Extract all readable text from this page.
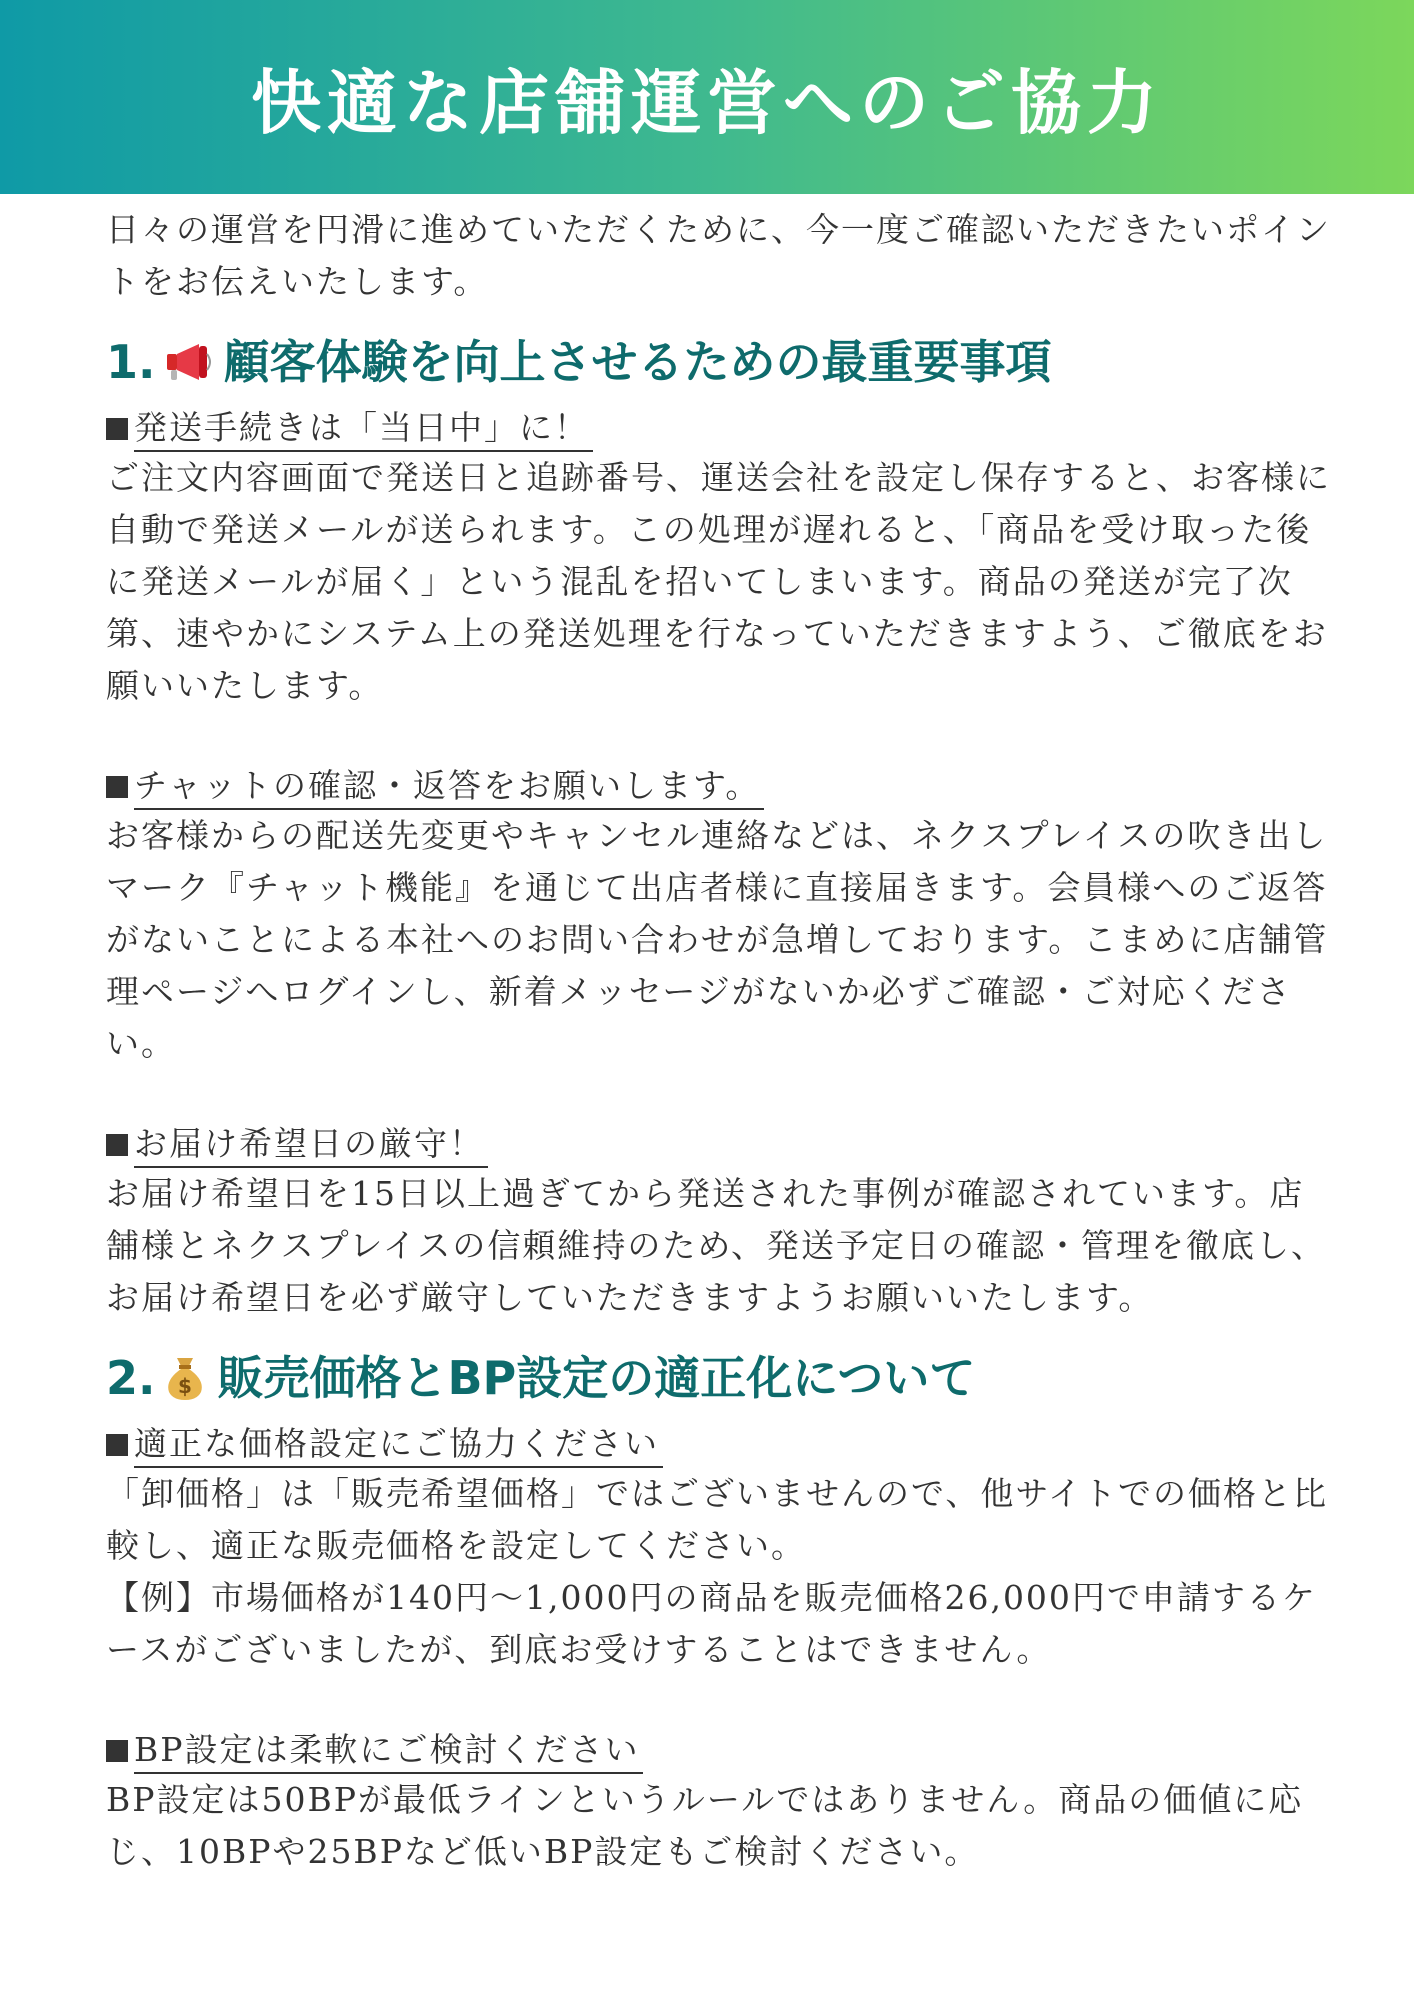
快適な店舗運営へのご協力

日々の運営を円滑に進めていただくために、今一度ご確認いただきたいポイントをお伝えいたします。

1. 顧客体験を向上させるための最重要事項
発送手続きは「当日中」に！

ご注文内容画面で発送日と追跡番号、運送会社を設定し保存すると、お客様に自動で発送メールが送られます。この処理が遅れると、「商品を受け取った後に発送メールが届く」という混乱を招いてしまいます。商品の発送が完了次第、速やかにシステム上の発送処理を行なっていただきますよう、ご徹底をお願いいたします。

チャットの確認・返答をお願いします。

お客様からの配送先変更やキャンセル連絡などは、ネクスプレイスの吹き出しマーク『チャット機能』を通じて出店者様に直接届きます。会員様へのご返答がないことによる本社へのお問い合わせが急増しております。こまめに店舗管理ページへログインし、新着メッセージがないか必ずご確認・ご対応ください。

お届け希望日の厳守！

お届け希望日を15日以上過ぎてから発送された事例が確認されています。店舗様とネクスプレイスの信頼維持のため、発送予定日の確認・管理を徹底し、お届け希望日を必ず厳守していただきますようお願いいたします。

2. $ 販売価格とBP設定の適正化について
適正な価格設定にご協力ください

「卸価格」は「販売希望価格」ではございませんので、他サイトでの価格と比較し、適正な販売価格を設定してください。

【例】市場価格が140円～1,000円の商品を販売価格26,000円で申請するケースがございましたが、到底お受けすることはできません。

BP設定は柔軟にご検討ください

BP設定は50BPが最低ラインというルールではありません。商品の価値に応じ、10BPや25BPなど低いBP設定もご検討ください。
